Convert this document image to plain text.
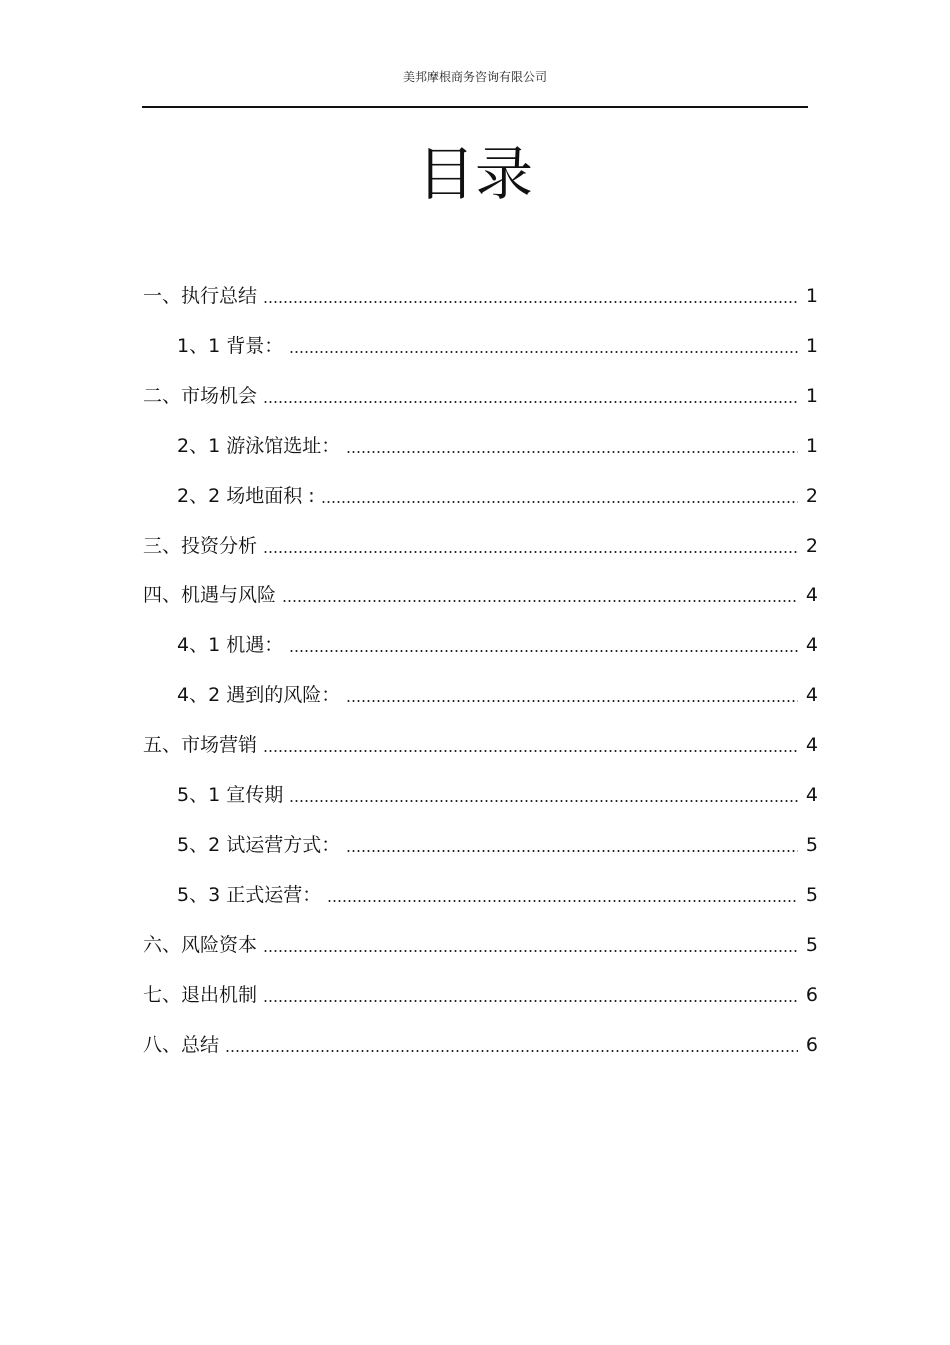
美邦摩根商务咨询有限公司
目录
一、执行总结	1
1、1 背景：	1
二、市场机会	1
2、1 游泳馆选址：	1
2、2 场地面积 :	2
三、投资分析	2
四、机遇与风险	4
4、1 机遇：	4
4、2 遇到的风险：	4
五、市场营销	4
5、1 宣传期	4
5、2 试运营方式：	5
5、3 正式运营：	5
六、风险资本	5
七、退出机制	6
八、总结	6
